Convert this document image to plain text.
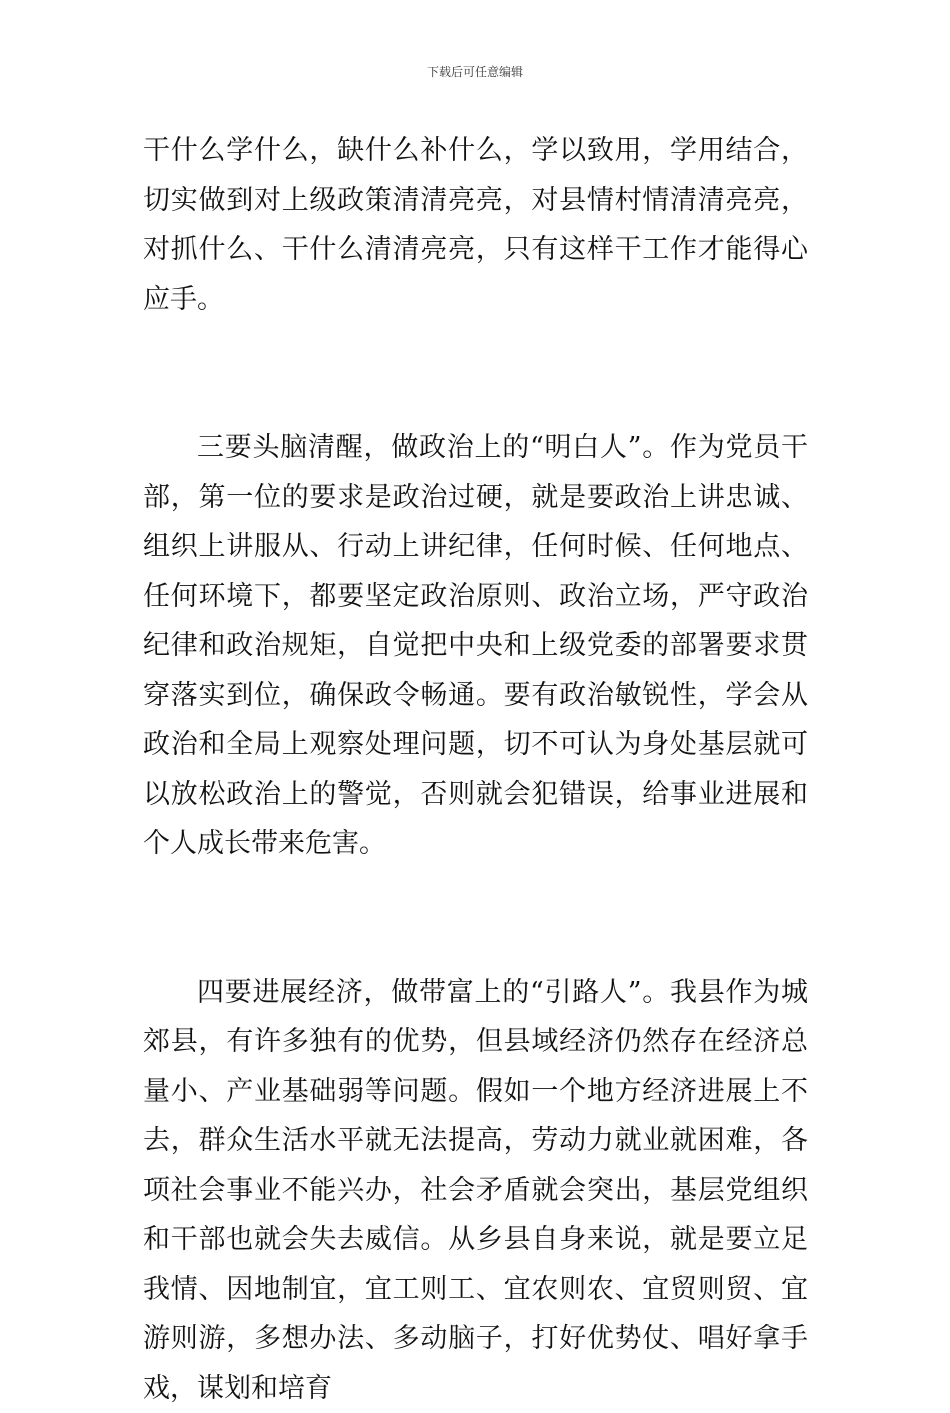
下载后可任意编辑

干什么学什么，缺什么补什么，学以致用，学用结合，切实做到对上级政策清清亮亮，对县情村情清清亮亮，对抓什么、干什么清清亮亮，只有这样干工作才能得心应手。

三要头脑清醒，做政治上的“明白人”。作为党员干部，第一位的要求是政治过硬，就是要政治上讲忠诚、组织上讲服从、行动上讲纪律，任何时候、任何地点、任何环境下，都要坚定政治原则、政治立场，严守政治纪律和政治规矩，自觉把中央和上级党委的部署要求贯穿落实到位，确保政令畅通。要有政治敏锐性，学会从政治和全局上观察处理问题，切不可认为身处基层就可以放松政治上的警觉，否则就会犯错误，给事业进展和个人成长带来危害。

四要进展经济，做带富上的“引路人”。我县作为城郊县，有许多独有的优势，但县域经济仍然存在经济总量小、产业基础弱等问题。假如一个地方经济进展上不去，群众生活水平就无法提高，劳动力就业就困难，各项社会事业不能兴办，社会矛盾就会突出，基层党组织和干部也就会失去威信。从乡县自身来说，就是要立足我情、因地制宜，宜工则工、宜农则农、宜贸则贸、宜游则游，多想办法、多动脑子，打好优势仗、唱好拿手戏，谋划和培育
